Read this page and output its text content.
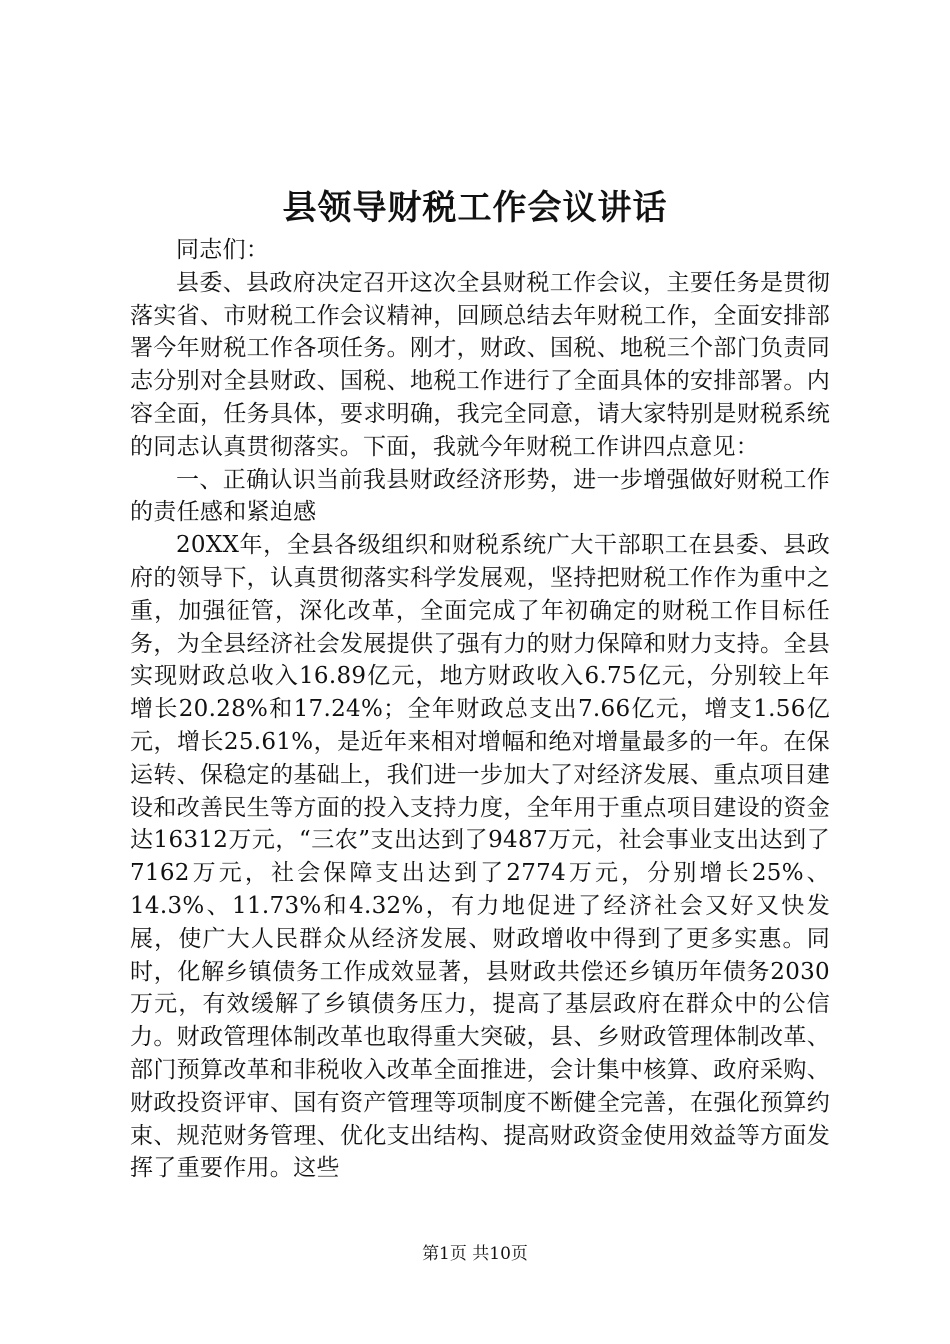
县领导财税工作会议讲话

同志们：

县委、县政府决定召开这次全县财税工作会议，主要任务是贯彻落实省、市财税工作会议精神，回顾总结去年财税工作，全面安排部署今年财税工作各项任务。刚才，财政、国税、地税三个部门负责同志分别对全县财政、国税、地税工作进行了全面具体的安排部署。内容全面，任务具体，要求明确，我完全同意，请大家特别是财税系统的同志认真贯彻落实。下面，我就今年财税工作讲四点意见：

一、正确认识当前我县财政经济形势，进一步增强做好财税工作的责任感和紧迫感

20XX年，全县各级组织和财税系统广大干部职工在县委、县政府的领导下，认真贯彻落实科学发展观，坚持把财税工作作为重中之重，加强征管，深化改革，全面完成了年初确定的财税工作目标任务，为全县经济社会发展提供了强有力的财力保障和财力支持。全县实现财政总收入16.89亿元，地方财政收入6.75亿元，分别较上年增长20.28%和17.24%；全年财政总支出7.66亿元，增支1.56亿元，增长25.61%，是近年来相对增幅和绝对增量最多的一年。在保运转、保稳定的基础上，我们进一步加大了对经济发展、重点项目建设和改善民生等方面的投入支持力度，全年用于重点项目建设的资金达16312万元，“三农”支出达到了9487万元，社会事业支出达到了7162万元，社会保障支出达到了2774万元，分别增长25%、14.3%、11.73%和4.32%，有力地促进了经济社会又好又快发展，使广大人民群众从经济发展、财政增收中得到了更多实惠。同时，化解乡镇债务工作成效显著，县财政共偿还乡镇历年债务2030万元，有效缓解了乡镇债务压力，提高了基层政府在群众中的公信力。财政管理体制改革也取得重大突破，县、乡财政管理体制改革、部门预算改革和非税收入改革全面推进，会计集中核算、政府采购、财政投资评审、国有资产管理等项制度不断健全完善，在强化预算约束、规范财务管理、优化支出结构、提高财政资金使用效益等方面发挥了重要作用。这些

第1页 共10页
